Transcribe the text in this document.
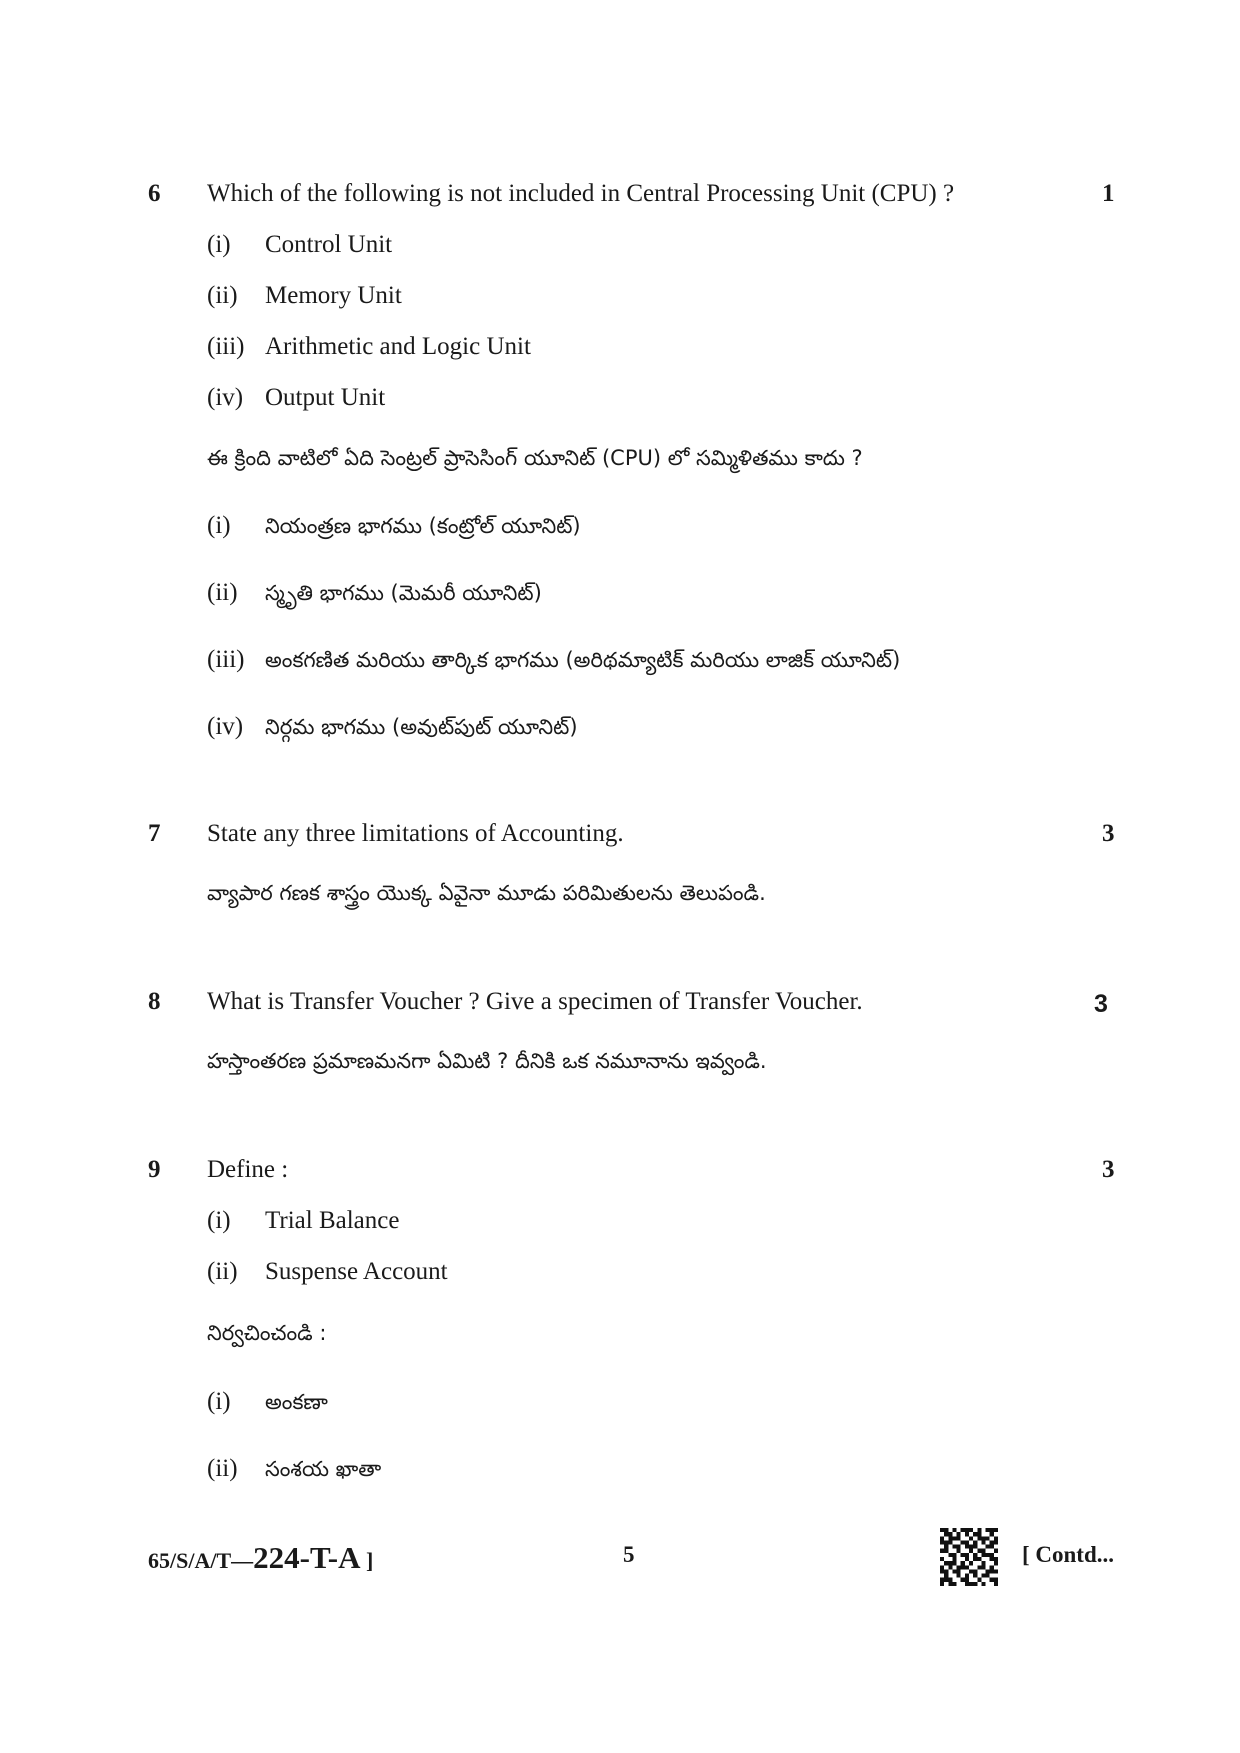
6 Which of the following is not included in Central Processing Unit (CPU) ?	1
(i) Control Unit
(ii) Memory Unit
(iii) Arithmetic and Logic Unit
(iv) Output Unit
ఈ క్రింది వాటిలో ఏది సెంట్రల్ ప్రాసెసింగ్ యూనిట్ (CPU) లో సమ్మిళితము కాదు ?
(i) నియంత్రణ భాగము (కంట్రోల్ యూనిట్)
(ii) స్మృతి భాగము (మెమరీ యూనిట్)
(iii) అంకగణిత మరియు తార్కిక భాగము (అరిథమ్యాటిక్ మరియు లాజిక్ యూనిట్)
(iv) నిర్గమ భాగము (అవుట్‌పుట్ యూనిట్)
7 State any three limitations of Accounting.	3
వ్యాపార గణక శాస్త్రం యొక్క ఏవైనా మూడు పరిమితులను తెలుపండి.
8 What is Transfer Voucher ? Give a specimen of Transfer Voucher.	3
హస్తాంతరణ ప్రమాణమనగా ఏమిటి ? దీనికి ఒక నమూనాను ఇవ్వండి.
9 Define :	3
(i) Trial Balance
(ii) Suspense Account
నిర్వచించండి :
(i) అంకణా
(ii) సంశయ ఖాతా
65/S/A/T—224-T-A ]	5	[ Contd...
